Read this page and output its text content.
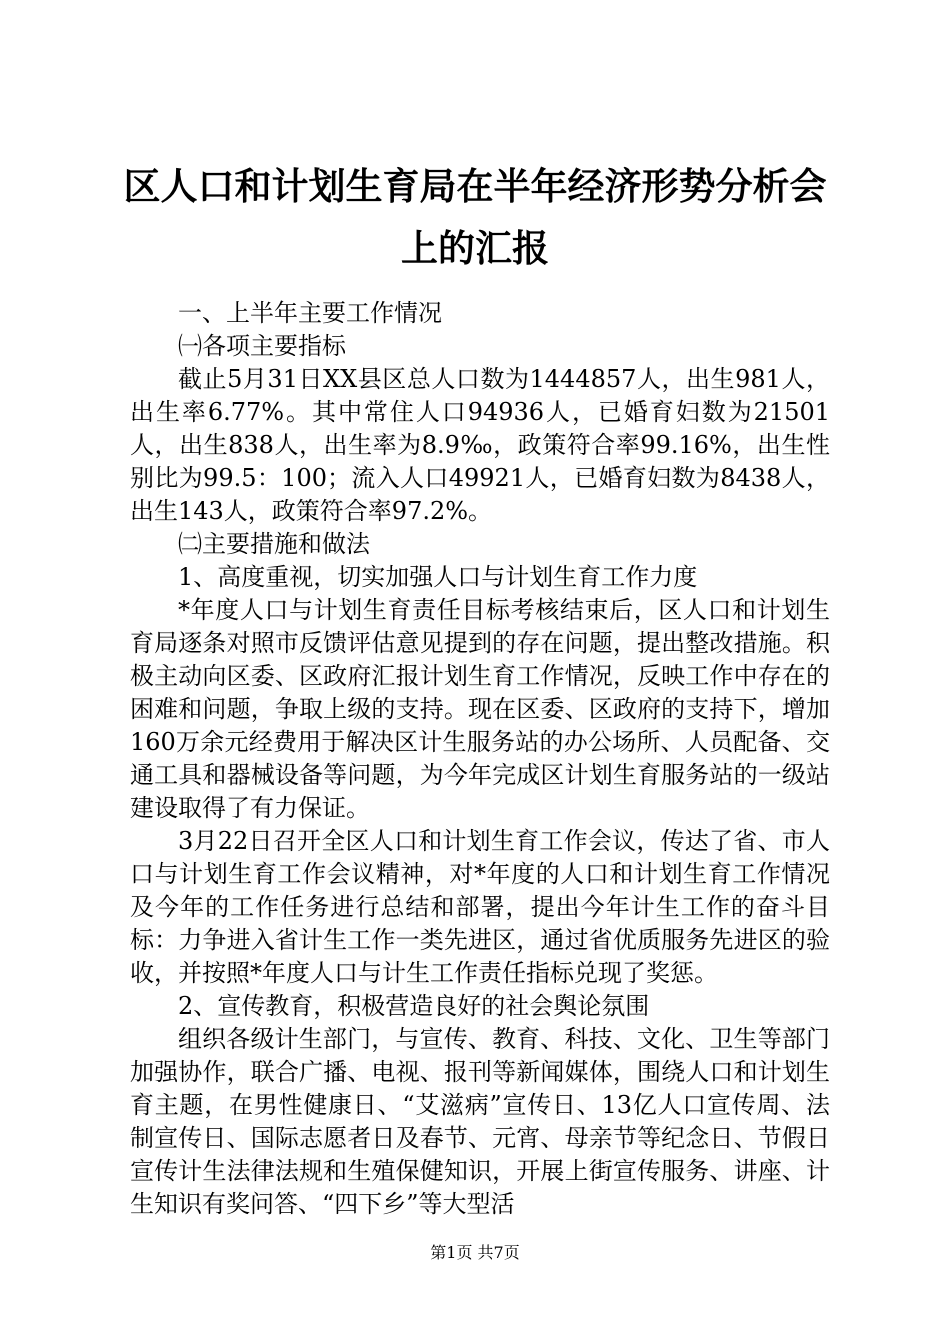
区人口和计划生育局在半年经济形势分析会上的汇报

一、上半年主要工作情况

㈠各项主要指标

截止5月31日XX县区总人口数为1444857人，出生981人，出生率6.77%。其中常住人口94936人，已婚育妇数为21501人，出生838人，出生率为8.9‰，政策符合率99.16%，出生性别比为99.5：100；流入人口49921人，已婚育妇数为8438人，出生143人，政策符合率97.2%。

㈡主要措施和做法

1、高度重视，切实加强人口与计划生育工作力度

*年度人口与计划生育责任目标考核结束后，区人口和计划生育局逐条对照市反馈评估意见提到的存在问题，提出整改措施。积极主动向区委、区政府汇报计划生育工作情况，反映工作中存在的困难和问题，争取上级的支持。现在区委、区政府的支持下，增加160万余元经费用于解决区计生服务站的办公场所、人员配备、交通工具和器械设备等问题，为今年完成区计划生育服务站的一级站建设取得了有力保证。

3月22日召开全区人口和计划生育工作会议，传达了省、市人口与计划生育工作会议精神，对*年度的人口和计划生育工作情况及今年的工作任务进行总结和部署，提出今年计生工作的奋斗目标：力争进入省计生工作一类先进区，通过省优质服务先进区的验收，并按照*年度人口与计生工作责任指标兑现了奖惩。

2、宣传教育，积极营造良好的社会舆论氛围

组织各级计生部门，与宣传、教育、科技、文化、卫生等部门加强协作，联合广播、电视、报刊等新闻媒体，围绕人口和计划生育主题，在男性健康日、“艾滋病”宣传日、13亿人口宣传周、法制宣传日、国际志愿者日及春节、元宵、母亲节等纪念日、节假日宣传计生法律法规和生殖保健知识，开展上街宣传服务、讲座、计生知识有奖问答、“四下乡”等大型活

第1页 共7页
